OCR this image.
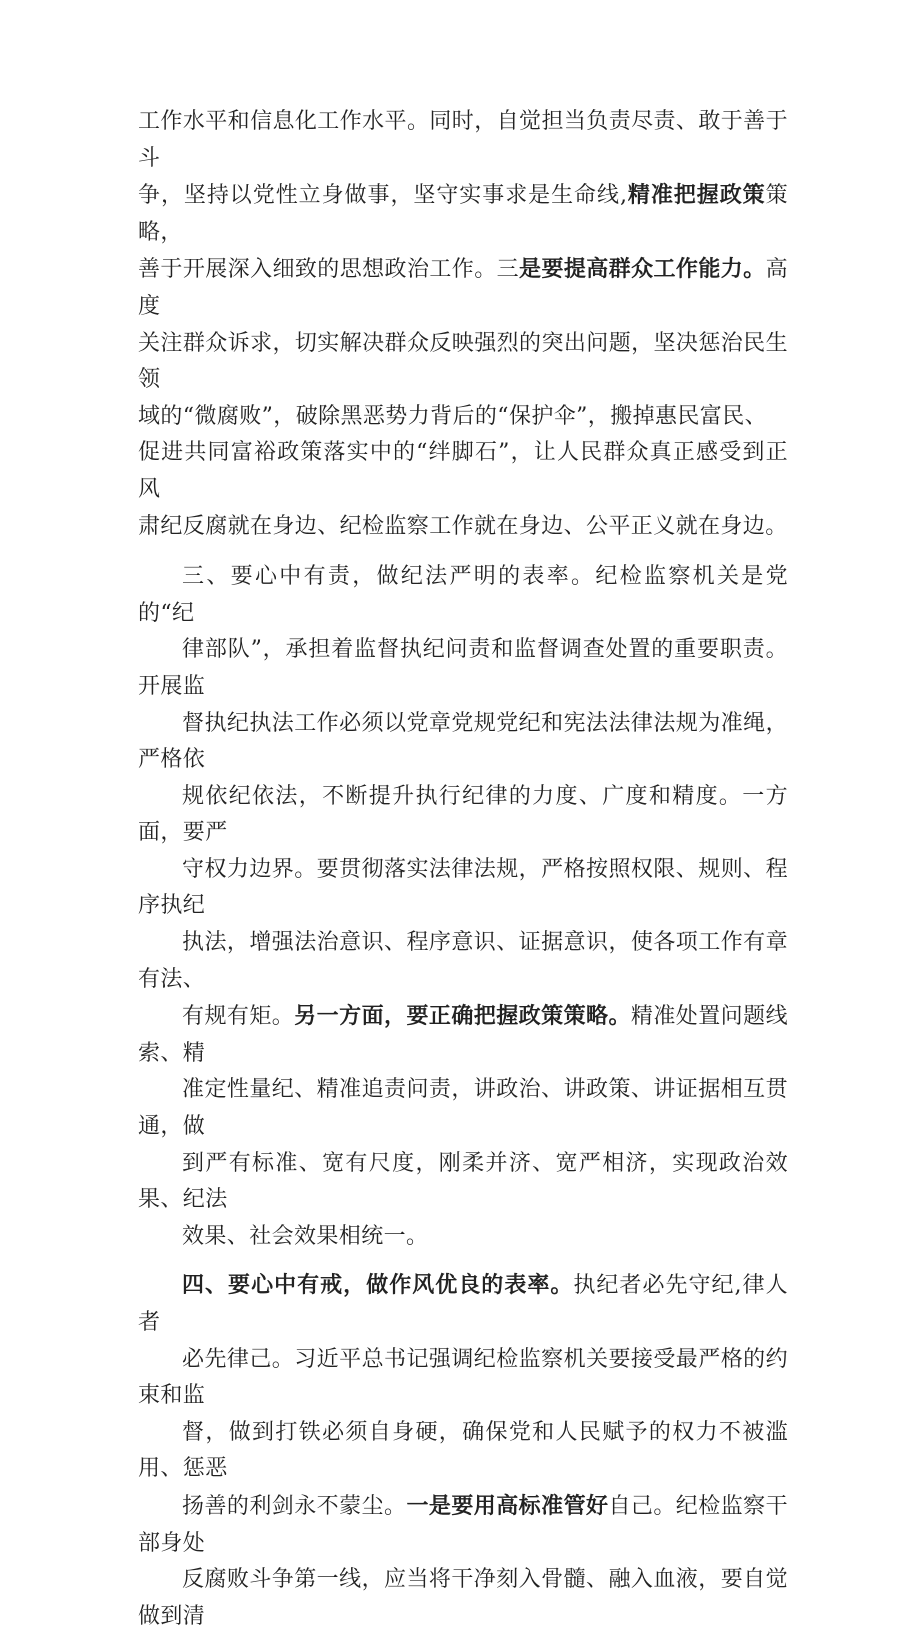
工作水平和信息化工作水平。同时，自觉担当负责尽责、敢于善于斗
争，坚持以党性立身做事，坚守实事求是生命线,精准把握政策策略，
善于开展深入细致的思想政治工作。三是要提高群众工作能力。高度
关注群众诉求，切实解决群众反映强烈的突出问题，坚决惩治民生领
域的“微腐败”，破除黑恶势力背后的“保护伞”，搬掉惠民富民、
促进共同富裕政策落实中的“绊脚石”，让人民群众真正感受到正风
肃纪反腐就在身边、纪检监察工作就在身边、公平正义就在身边。

三、要心中有责，做纪法严明的表率。纪检监察机关是党的“纪
律部队”，承担着监督执纪问责和监督调查处置的重要职责。开展监
督执纪执法工作必须以党章党规党纪和宪法法律法规为准绳，严格依
规依纪依法，不断提升执行纪律的力度、广度和精度。一方面，要严
守权力边界。要贯彻落实法律法规，严格按照权限、规则、程序执纪
执法，增强法治意识、程序意识、证据意识，使各项工作有章有法、
有规有矩。另一方面，要正确把握政策策略。精准处置问题线索、精
准定性量纪、精准追责问责，讲政治、讲政策、讲证据相互贯通，做
到严有标准、宽有尺度，刚柔并济、宽严相济，实现政治效果、纪法
效果、社会效果相统一。

四、要心中有戒，做作风优良的表率。执纪者必先守纪,律人者
必先律己。习近平总书记强调纪检监察机关要接受最严格的约束和监
督，做到打铁必须自身硬，确保党和人民赋予的权力不被滥用、惩恶
扬善的利剑永不蒙尘。一是要用高标准管好自己。纪检监察干部身处
反腐败斗争第一线，应当将干净刻入骨髓、融入血液，要自觉做到清
